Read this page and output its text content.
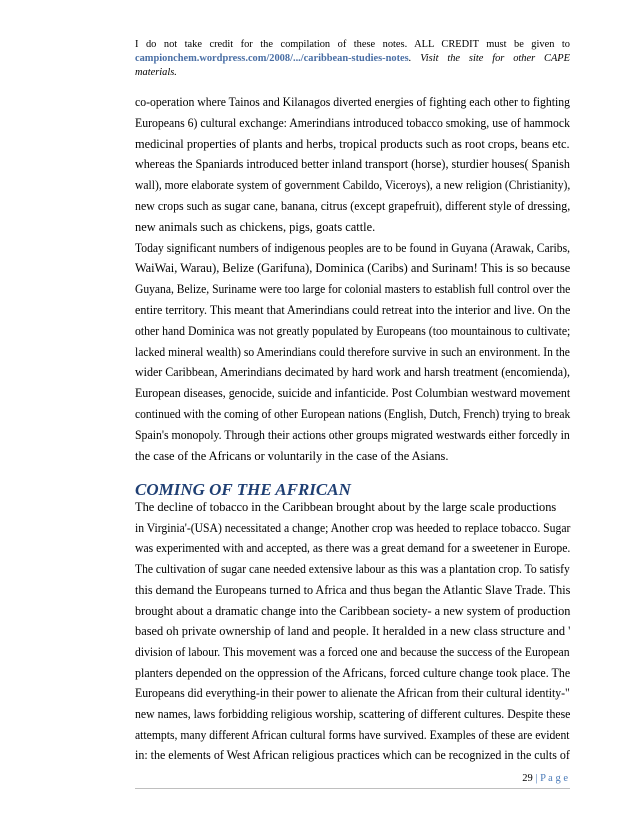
I do not take credit for the compilation of these notes. ALL CREDIT must be given to campionchem.wordpress.com/2008/.../caribbean-studies-notes. Visit the site for other CAPE materials.
co-operation where Tainos and Kilanagos diverted energies of fighting each other to fighting
Europeans 6) cultural exchange: Amerindians introduced tobacco smoking, use of hammock
medicinal properties of plants and herbs, tropical products such as root crops, beans etc.
whereas the Spaniards introduced better inland transport (horse), sturdier houses( Spanish
wall), more elaborate system of government Cabildo, Viceroys), a new religion (Christianity),
new crops such as sugar cane, banana, citrus (except grapefruit), different style of dressing,
new animals such as chickens, pigs, goats cattle.
Today significant numbers of indigenous peoples are to be found in Guyana (Arawak, Caribs,
WaiWai, Warau), Belize (Garifuna), Dominica (Caribs) and Surinam! This is so because
Guyana, Belize, Suriname were too large for colonial masters to establish full control over the
entire territory. This meant that Amerindians could retreat into the interior and live. On the
other hand Dominica was not greatly populated by Europeans (too mountainous to cultivate;
lacked mineral wealth) so Amerindians could therefore survive in such an environment. In the
wider Caribbean, Amerindians decimated by hard work and harsh treatment (encomienda),
European diseases, genocide, suicide and infanticide. Post Columbian westward movement
continued with the coming of other European nations (English, Dutch, French) trying to break
Spain's monopoly. Through their actions other groups migrated westwards either forcedly in
the case of the Africans or voluntarily in the case of the Asians.
COMING OF THE AFRICAN
The decline of tobacco in the Caribbean brought about by the large scale productions
in Virginia'-(USA) necessitated a change; Another crop was heeded to replace tobacco. Sugar
was experimented with and accepted, as there was a great demand for a sweetener in Europe.
The cultivation of sugar cane needed extensive labour as this was a plantation crop. To satisfy
this demand the Europeans turned to Africa and thus began the Atlantic Slave Trade. This
brought about a dramatic change into the Caribbean society- a new system of production
based oh private ownership of land and people. It heralded in a new class structure and '
division of labour. This movement was a forced one and because the success of the European
planters depended on the oppression of the Africans, forced culture change took place. The
Europeans did everything-in their power to alienate the African from their cultural identity-"
new names, laws forbidding religious worship, scattering of different cultures. Despite these
attempts, many different African cultural forms have survived. Examples of these are evident
in: the elements of West African religious practices which can be recognized in the cults of
29 | P a g e
